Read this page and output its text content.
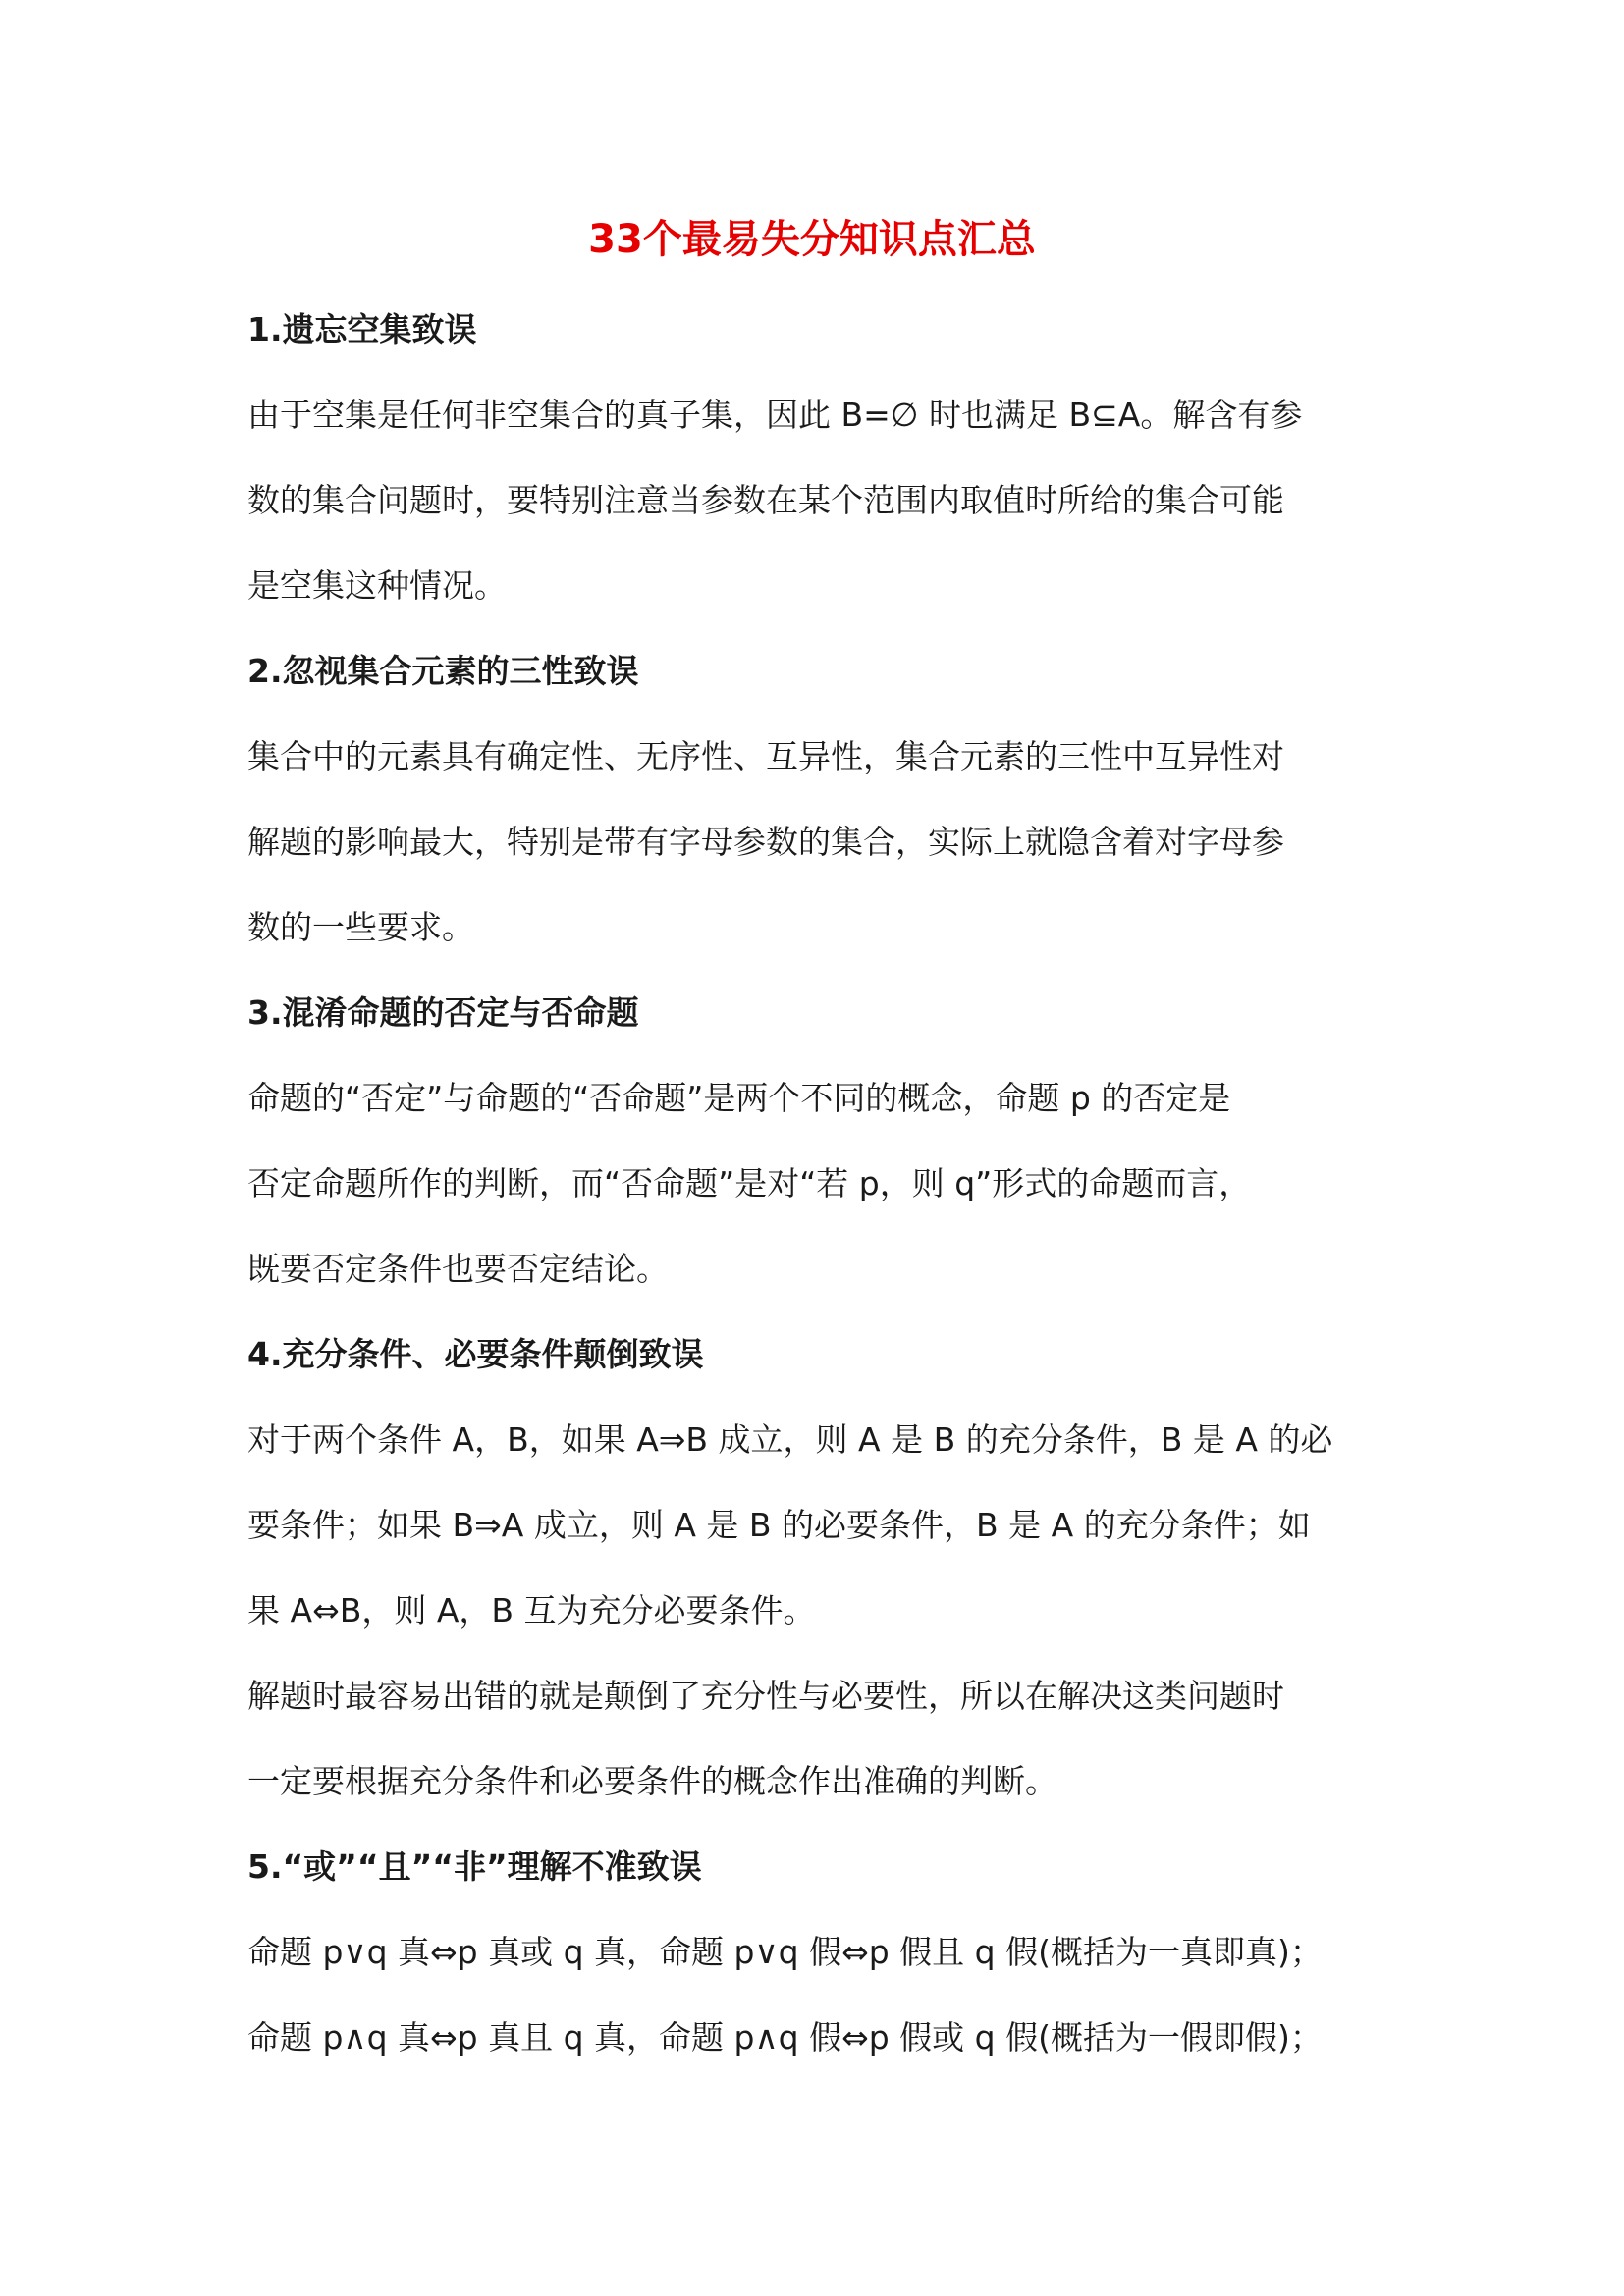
33个最易失分知识点汇总
1.遗忘空集致误
由于空集是任何非空集合的真子集，因此 B=∅ 时也满足 B⊆A。解含有参
数的集合问题时，要特别注意当参数在某个范围内取值时所给的集合可能
是空集这种情况。
2.忽视集合元素的三性致误
集合中的元素具有确定性、无序性、互异性，集合元素的三性中互异性对
解题的影响最大，特别是带有字母参数的集合，实际上就隐含着对字母参
数的一些要求。
3.混淆命题的否定与否命题
命题的“否定”与命题的“否命题”是两个不同的概念，命题 p 的否定是
否定命题所作的判断，而“否命题”是对“若 p，则 q”形式的命题而言，
既要否定条件也要否定结论。
4.充分条件、必要条件颠倒致误
对于两个条件 A，B，如果 A⇒B 成立，则 A 是 B 的充分条件，B 是 A 的必
要条件；如果 B⇒A 成立，则 A 是 B 的必要条件，B 是 A 的充分条件；如
果 A⇔B，则 A，B 互为充分必要条件。
解题时最容易出错的就是颠倒了充分性与必要性，所以在解决这类问题时
一定要根据充分条件和必要条件的概念作出准确的判断。
5.“或”“且”“非”理解不准致误
命题 p∨q 真⇔p 真或 q 真，命题 p∨q 假⇔p 假且 q 假(概括为一真即真)；
命题 p∧q 真⇔p 真且 q 真，命题 p∧q 假⇔p 假或 q 假(概括为一假即假)；
